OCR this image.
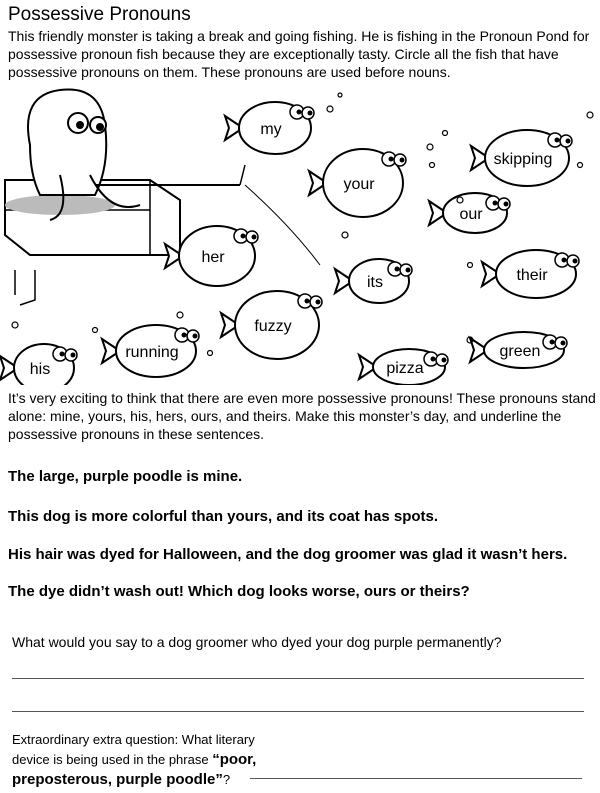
Possessive Pronouns
This friendly monster is taking a break and going fishing. He is fishing in the Pronoun Pond for possessive pronoun fish because they are exceptionally tasty. Circle all the fish that have possessive pronouns on them. These pronouns are used before nouns.
my
your
skipping
our
her
its	their
his
running
fuzzy
pizza
green
It’s very exciting to think that there are even more possessive pronouns! These pronouns stand alone: mine, yours, his, hers, ours, and theirs. Make this monster’s day, and underline the possessive pronouns in these sentences.
The large, purple poodle is mine.
This dog is more colorful than yours, and its coat has spots.
His hair was dyed for Halloween, and the dog groomer was glad it wasn’t hers.
The dye didn’t wash out! Which dog looks worse, ours or theirs?
What would you say to a dog groomer who dyed your dog purple permanently?
Extraordinary extra question: What literary
device is being used in the phrase “poor,
preposterous, purple poodle”?
